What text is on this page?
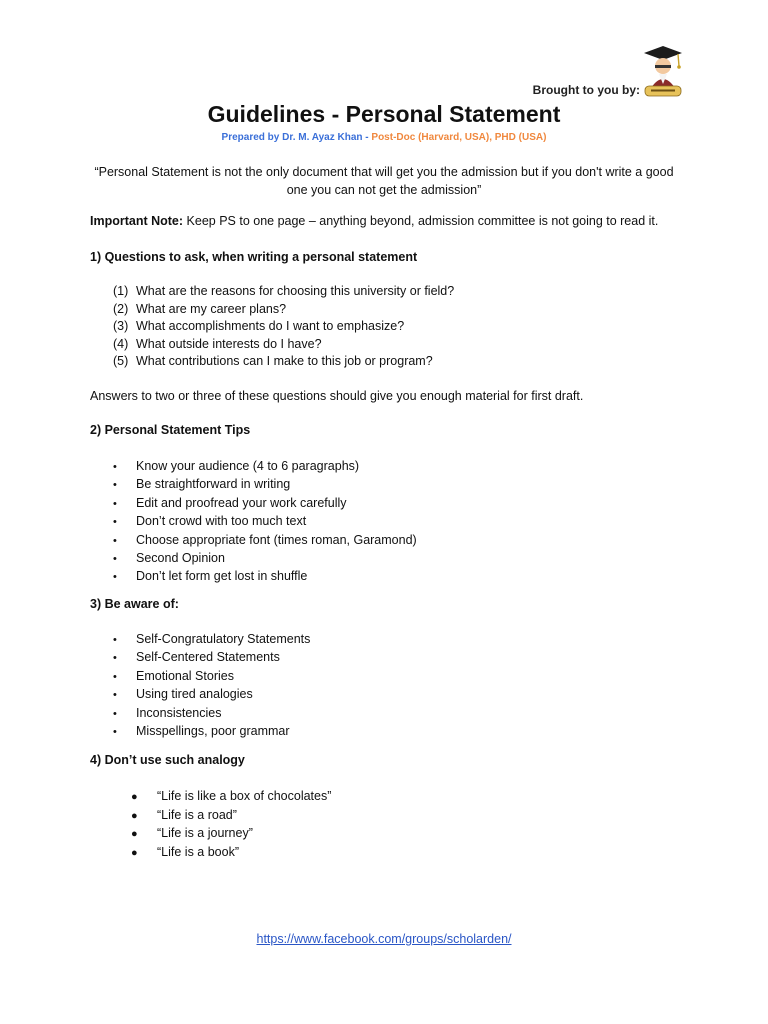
Brought to you by:
Guidelines - Personal Statement
Prepared by Dr. M. Ayaz Khan - Post-Doc (Harvard, USA), PHD (USA)
“Personal Statement is not the only document that will get you the admission but if you don't write a good one you can not get the admission”
Important Note: Keep PS to one page – anything beyond, admission committee is not going to read it.
1) Questions to ask, when writing a personal statement
(1) What are the reasons for choosing this university or field?
(2) What are my career plans?
(3) What accomplishments do I want to emphasize?
(4) What outside interests do I have?
(5) What contributions can I make to this job or program?
Answers to two or three of these questions should give you enough material for first draft.
2) Personal Statement Tips
• Know your audience (4 to 6 paragraphs)
• Be straightforward in writing
• Edit and proofread your work carefully
• Don’t crowd with too much text
• Choose appropriate font (times roman, Garamond)
• Second Opinion
• Don’t let form get lost in shuffle
3) Be aware of:
• Self-Congratulatory Statements
• Self-Centered Statements
• Emotional Stories
• Using tired analogies
• Inconsistencies
• Misspellings, poor grammar
4) Don’t use such analogy
● “Life is like a box of chocolates”
● “Life is a road”
● “Life is a journey”
● “Life is a book”
https://www.facebook.com/groups/scholarden/
